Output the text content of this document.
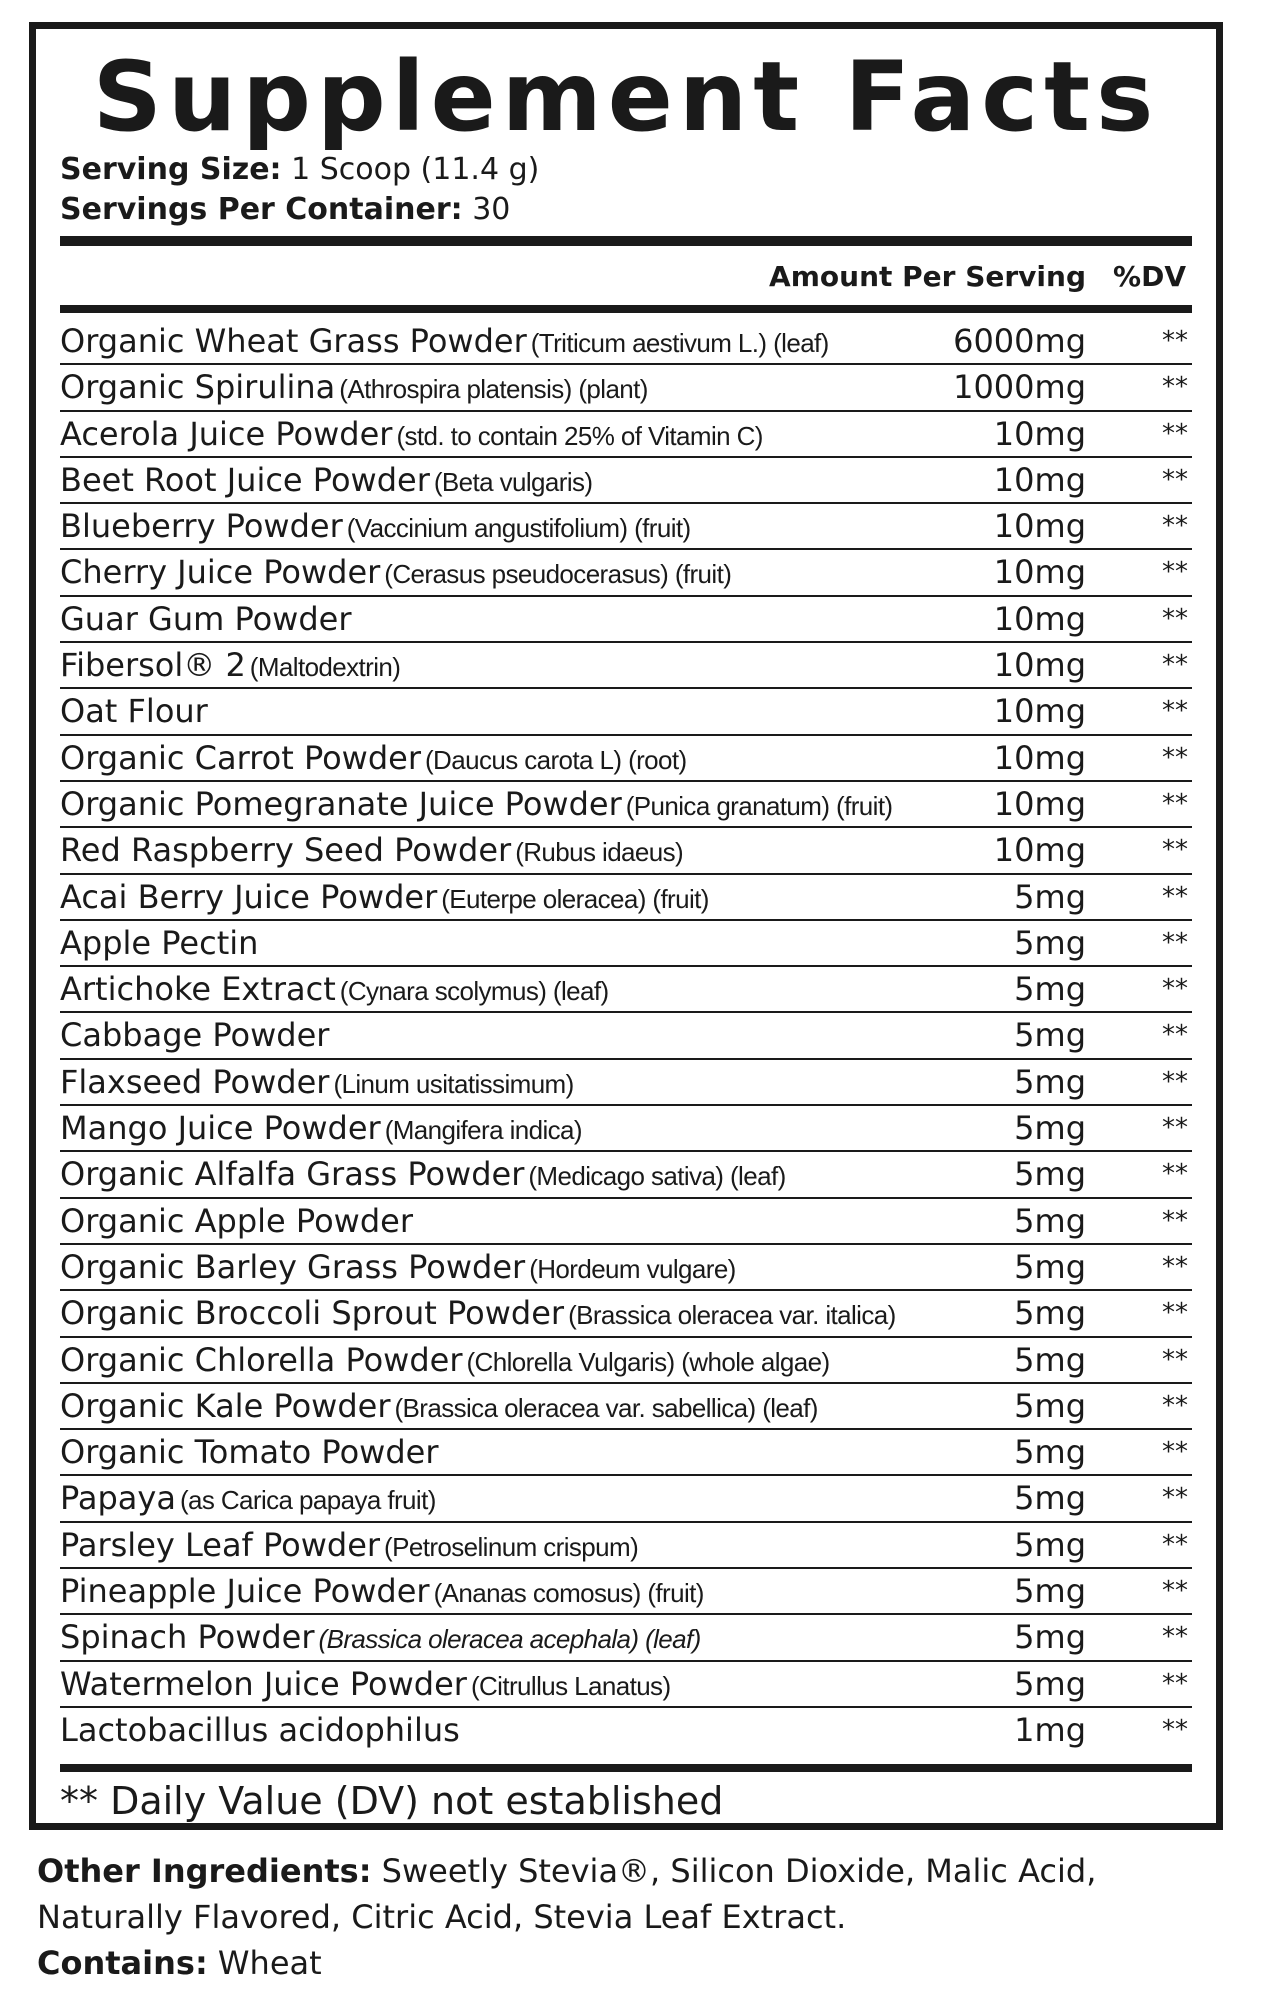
Supplement Facts
Serving Size: 1 Scoop (11.4 g)
Servings Per Container: 30
Amount Per Serving %DV
Organic Wheat Grass Powder (Triticum aestivum L.) (leaf)	6000mg	**
Organic Spirulina (Athrospira platensis) (plant)	1000mg	**
Acerola Juice Powder (std. to contain 25% of Vitamin C)	10mg	**
Beet Root Juice Powder (Beta vulgaris)	10mg	**
Blueberry Powder (Vaccinium angustifolium) (fruit)	10mg	**
Cherry Juice Powder (Cerasus pseudocerasus) (fruit)	10mg	**
Guar Gum Powder	10mg	**
Fibersol® 2 (Maltodextrin)	10mg	**
Oat Flour	10mg	**
Organic Carrot Powder (Daucus carota L) (root)	10mg	**
Organic Pomegranate Juice Powder (Punica granatum) (fruit)	10mg	**
Red Raspberry Seed Powder (Rubus idaeus)	10mg	**
Acai Berry Juice Powder (Euterpe oleracea) (fruit)	5mg	**
Apple Pectin	5mg	**
Artichoke Extract (Cynara scolymus) (leaf)	5mg	**
Cabbage Powder	5mg	**
Flaxseed Powder (Linum usitatissimum)	5mg	**
Mango Juice Powder (Mangifera indica)	5mg	**
Organic Alfalfa Grass Powder (Medicago sativa) (leaf)	5mg	**
Organic Apple Powder	5mg	**
Organic Barley Grass Powder (Hordeum vulgare)	5mg	**
Organic Broccoli Sprout Powder (Brassica oleracea var. italica)	5mg	**
Organic Chlorella Powder (Chlorella Vulgaris) (whole algae)	5mg	**
Organic Kale Powder (Brassica oleracea var. sabellica) (leaf)	5mg	**
Organic Tomato Powder	5mg	**
Papaya (as Carica papaya fruit)	5mg	**
Parsley Leaf Powder (Petroselinum crispum)	5mg	**
Pineapple Juice Powder (Ananas comosus) (fruit)	5mg	**
Spinach Powder (Brassica oleracea acephala) (leaf)	5mg	**
Watermelon Juice Powder (Citrullus Lanatus)	5mg	**
Lactobacillus acidophilus	1mg	**
** Daily Value (DV) not established
Other Ingredients: Sweetly Stevia®, Silicon Dioxide, Malic Acid, Naturally Flavored, Citric Acid, Stevia Leaf Extract.
Contains: Wheat
